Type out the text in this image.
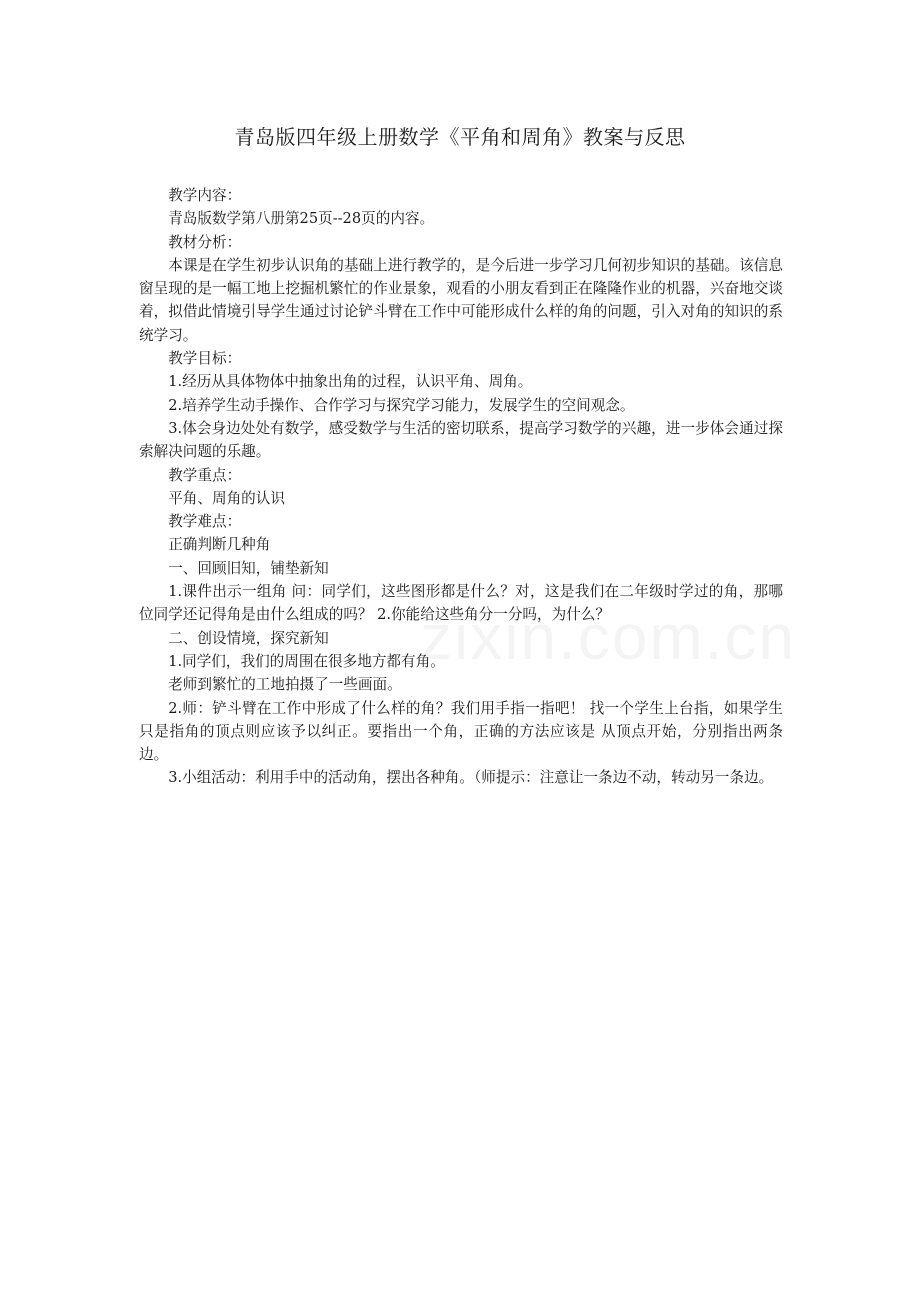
青岛版四年级上册数学《平角和周角》教案与反思

教学内容：

青岛版数学第八册第25页--28页的内容。

教材分析：

本课是在学生初步认识角的基础上进行教学的，是今后进一步学习几何初步知识的基础。该信息窗呈现的是一幅工地上挖掘机繁忙的作业景象，观看的小朋友看到正在隆隆作业的机器，兴奋地交谈着，拟借此情境引导学生通过讨论铲斗臂在工作中可能形成什么样的角的问题，引入对角的知识的系统学习。

教学目标：

1.经历从具体物体中抽象出角的过程，认识平角、周角。

2.培养学生动手操作、合作学习与探究学习能力，发展学生的空间观念。

3.体会身边处处有数学，感受数学与生活的密切联系，提高学习数学的兴趣，进一步体会通过探索解决问题的乐趣。

教学重点：

平角、周角的认识

教学难点：

正确判断几种角

一、回顾旧知，铺垫新知

1.课件出示一组角 问：同学们，这些图形都是什么？对，这是我们在二年级时学过的角，那哪位同学还记得角是由什么组成的吗？ 2.你能给这些角分一分吗，为什么？

二、创设情境，探究新知

1.同学们，我们的周围在很多地方都有角。

老师到繁忙的工地拍摄了一些画面。

2.师：铲斗臂在工作中形成了什么样的角？我们用手指一指吧！ 找一个学生上台指，如果学生只是指角的顶点则应该予以纠正。要指出一个角，正确的方法应该是 从顶点开始，分别指出两条边。

3.小组活动：利用手中的活动角，摆出各种角。（师提示：注意让一条边不动，转动另一条边。
